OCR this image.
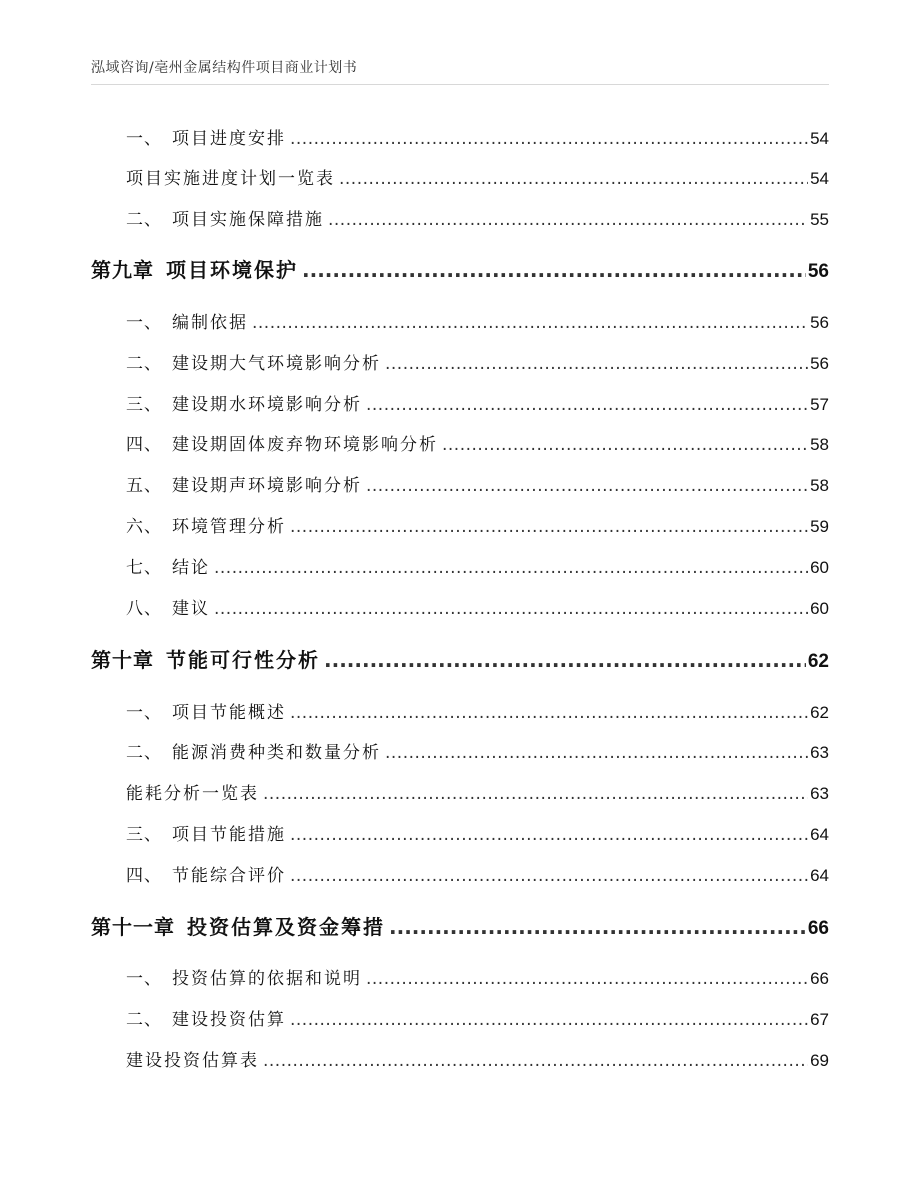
泓域咨询/亳州金属结构件项目商业计划书
一、 项目进度安排 .....	54
项目实施进度计划一览表 .....	54
二、 项目实施保障措施 .....	55
第九章 项目环境保护 .....	56
一、 编制依据 .....	56
二、 建设期大气环境影响分析 .....	56
三、 建设期水环境影响分析 .....	57
四、 建设期固体废弃物环境影响分析 .....	58
五、 建设期声环境影响分析 .....	58
六、 环境管理分析 .....	59
七、 结论 .....	60
八、 建议 .....	60
第十章 节能可行性分析 .....	62
一、 项目节能概述 .....	62
二、 能源消费种类和数量分析 .....	63
能耗分析一览表 .....	63
三、 项目节能措施 .....	64
四、 节能综合评价 .....	64
第十一章 投资估算及资金筹措 .....	66
一、 投资估算的依据和说明 .....	66
二、 建设投资估算 .....	67
建设投资估算表 .....	69
